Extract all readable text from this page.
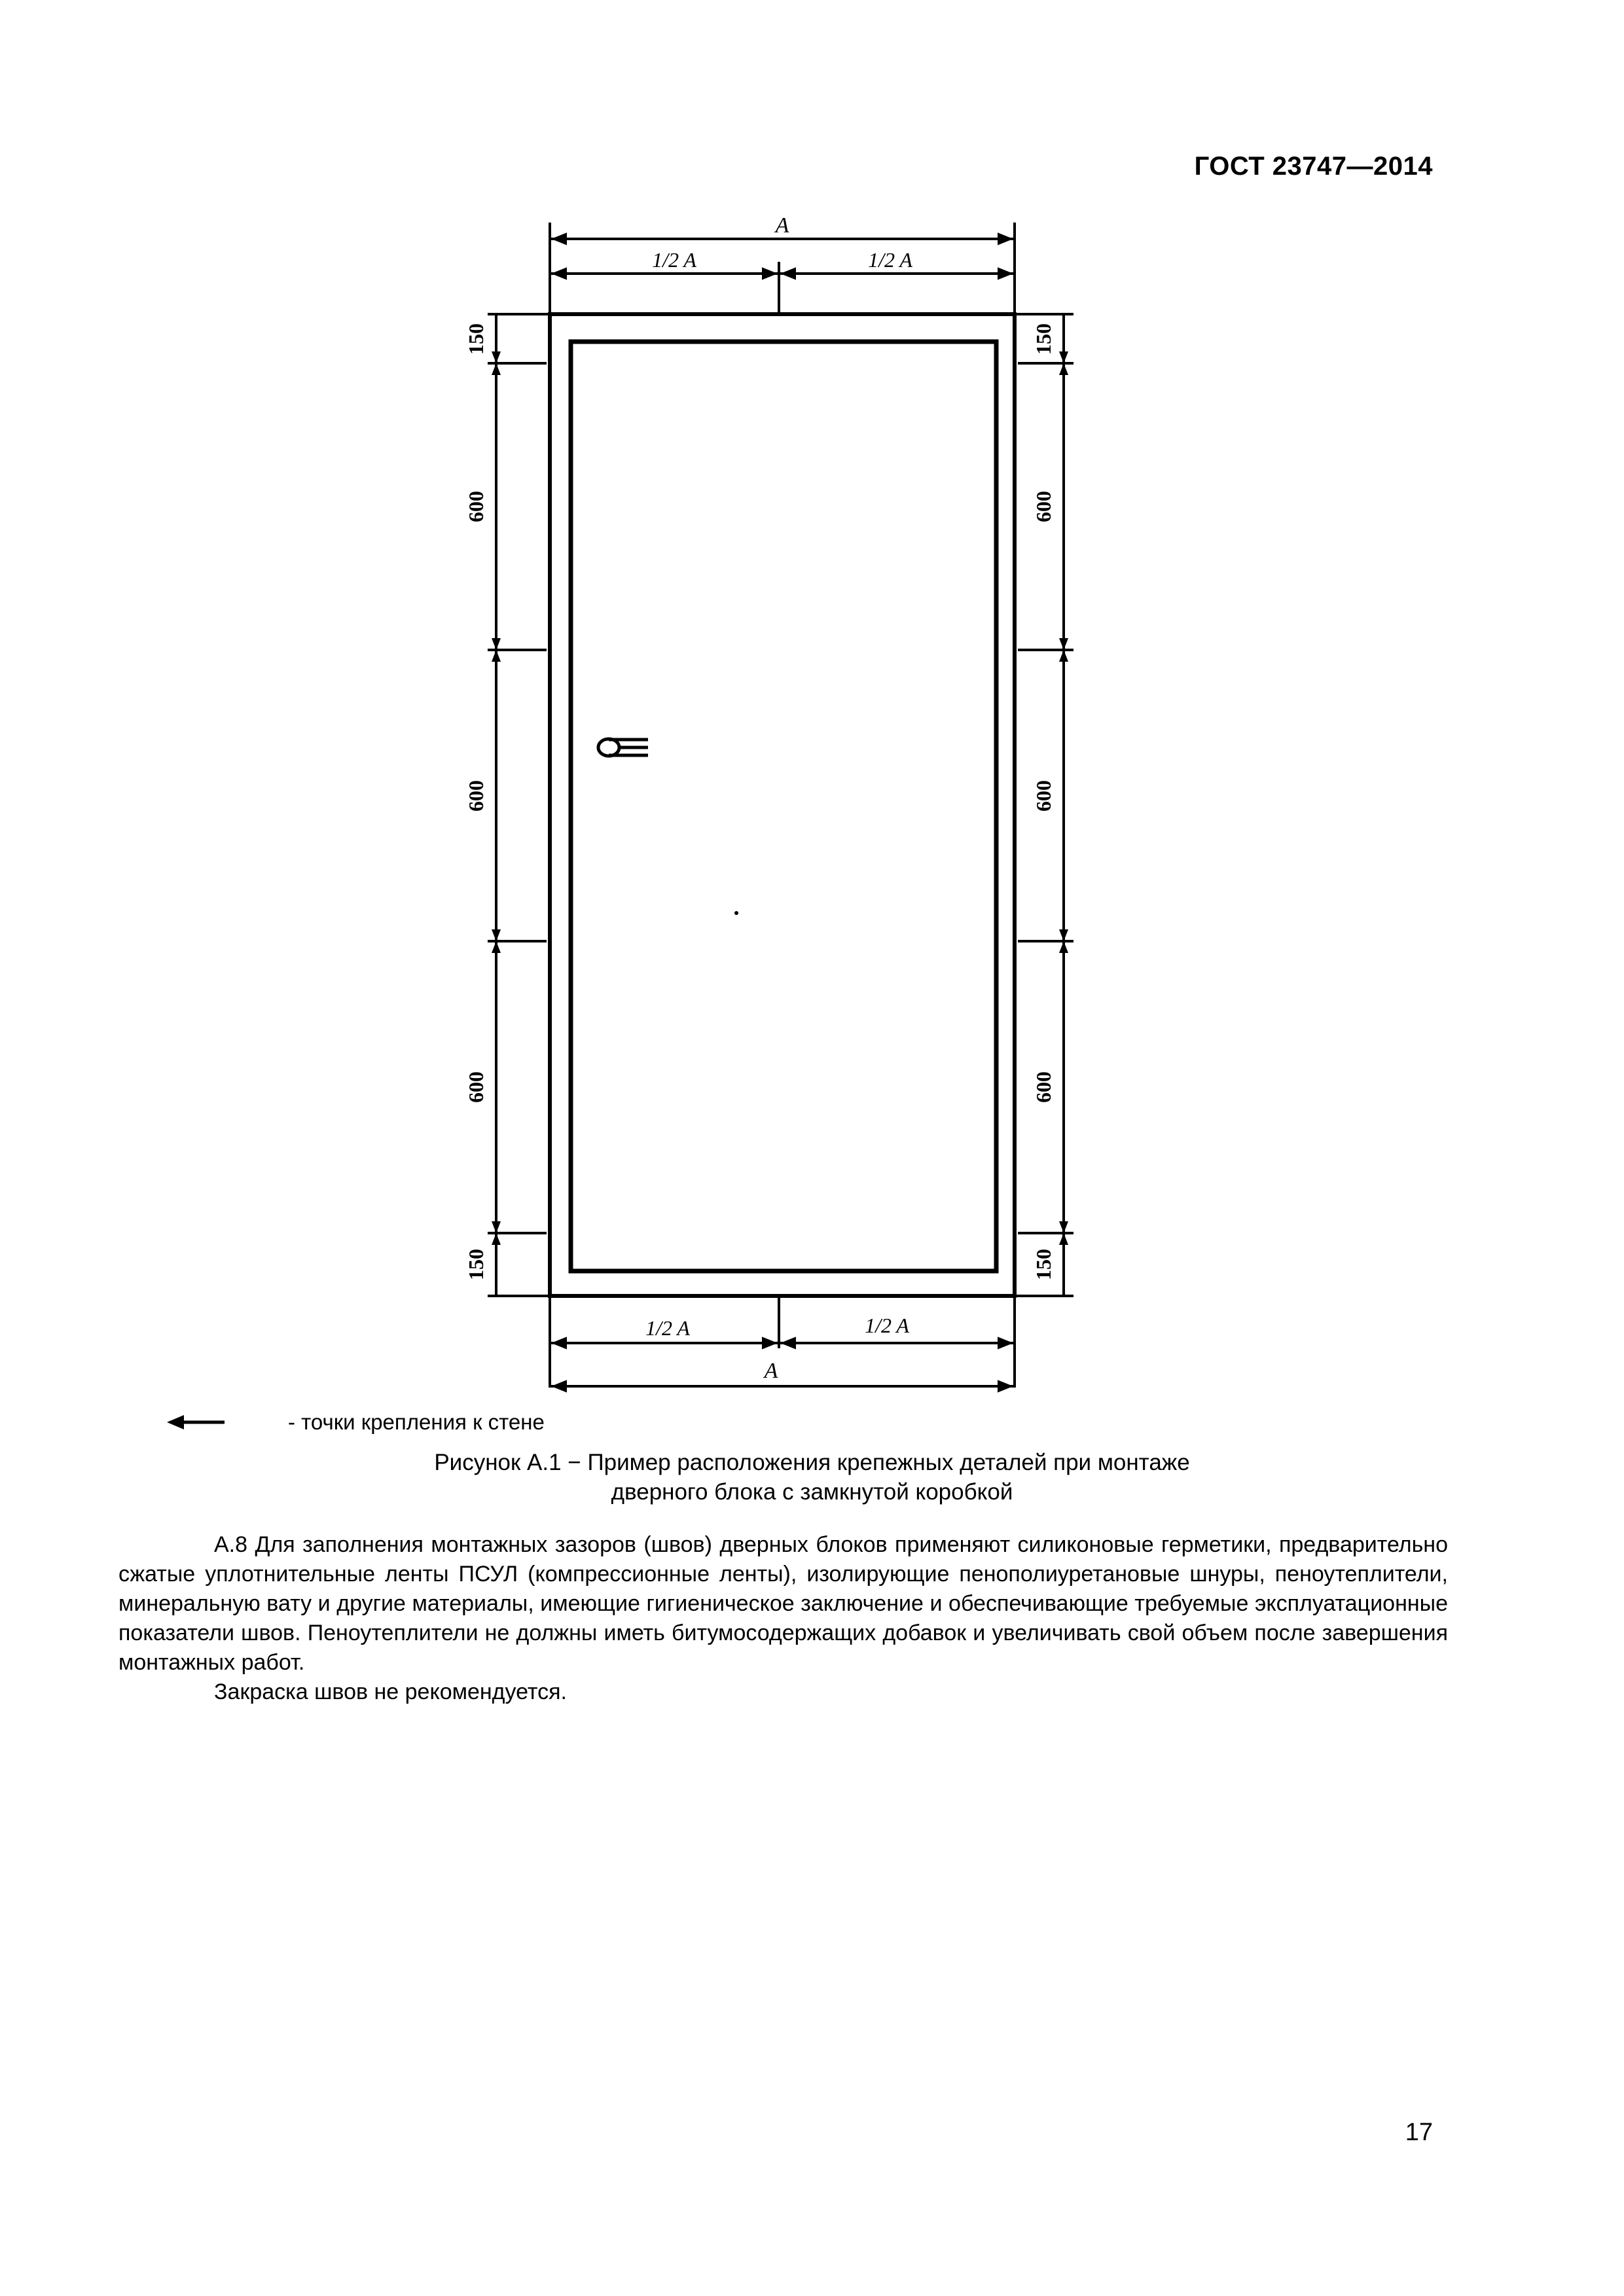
ГОСТ 23747—2014
A
1/2 A	1/2 A
1/2 A	1/2 A
A
150
600
600
600
150
150
600
600
600
150
- точки крепления к стене
Рисунок А.1 − Пример расположения крепежных деталей при монтаже
дверного блока с замкнутой коробкой

А.8 Для заполнения монтажных зазоров (швов) дверных блоков применяют силиконовые герметики, предварительно сжатые уплотнительные ленты ПСУЛ (компрессионные ленты), изолирующие пенополиуретановые шнуры, пеноутеплители, минеральную вату и другие материалы, имеющие гигиеническое заключение и обеспечивающие требуемые эксплуатационные показатели швов. Пеноутеплители не должны иметь битумосодержащих добавок и увеличивать свой объем после завершения монтажных работ.

Закраска швов не рекомендуется.

17
